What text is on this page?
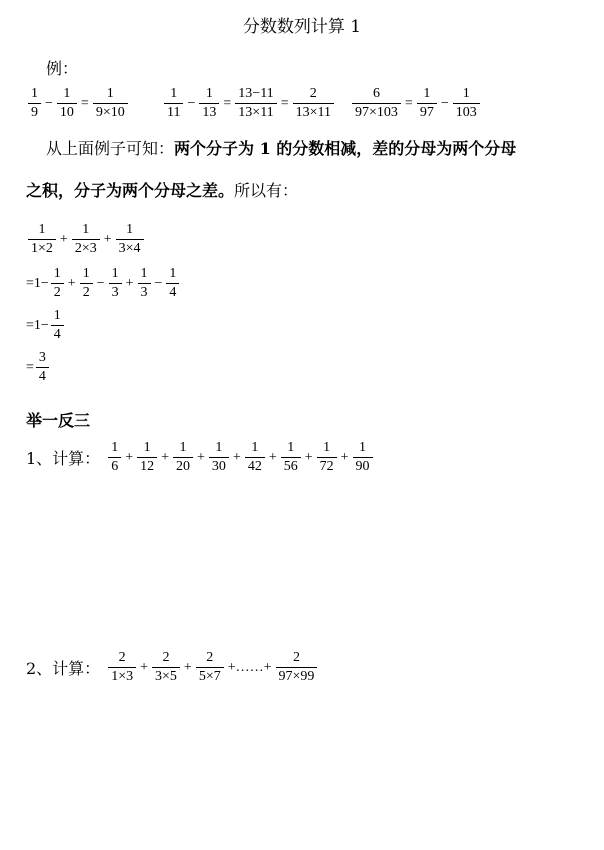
分数数列计算 1
例：
$\frac{1}{9} - \frac{1}{10} = \frac{1}{9\times 10}$	$\frac{1}{11} - \frac{1}{13} = \frac{13-11}{13\times 11} = \frac{2}{13\times 11} \frac{6}{97\times 103} = \frac{1}{97} - \frac{1}{103}$
从上面例子可知：两个分子为 1 的分数相减，差的分母为两个分母
之积，分子为两个分母之差。所以有：
$\frac{1}{1\times 2} + \frac{1}{2\times 3} + \frac{1}{3\times 4}$
$=1- \frac{1}{2} + \frac{1}{2} - \frac{1}{3} + \frac{1}{3} - \frac{1}{4}$
$=1- \frac{1}{4}$
= $\frac{3}{4}$
举一反三
1、计算： $\frac{1}{6} + \frac{1}{12} + \frac{1}{20} + \frac{1}{30} + \frac{1}{42} + \frac{1}{56} + \frac{1}{72} + \frac{1}{90}$
2、计算： $\frac{2}{1\times 3} + \frac{2}{3\times 5} + \frac{2}{5\times 7}$ +……+ $\frac{2}{97\times 99}$
